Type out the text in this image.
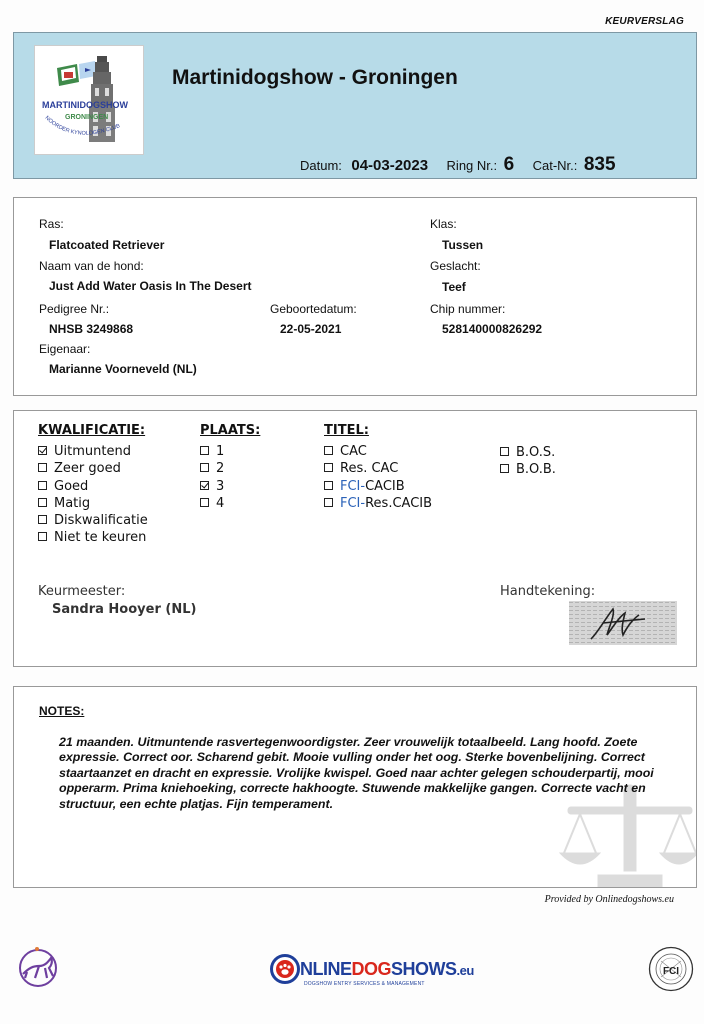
KEURVERSLAG
MARTINIDOGSHOW
GRONINGEN
NOORDER KYNOLOGEN CLUB
Martinidogshow - Groningen
Datum: 04-03-2023 Ring Nr.: 6 Cat-Nr.: 835
Ras:
Flatcoated Retriever
Naam van de hond:
Just Add Water Oasis In The Desert
Pedigree Nr.:
NHSB 3249868
Geboortedatum:
22-05-2021
Eigenaar:
Marianne Voorneveld (NL)
Klas:
Tussen
Geslacht:
Teef
Chip nummer:
528140000826292
KWALIFICATIE:
Uitmuntend
Zeer goed
Goed
Matig
Diskwalificatie
Niet te keuren
PLAATS:
1
2
3
4
TITEL:
CAC
Res. CAC
FCI-CACIB
FCI-Res.CACIB
B.O.S.
B.O.B.
Keurmeester:
Sandra Hooyer (NL)
Handtekening:
NOTES:
21 maanden. Uitmuntende rasvertegenwoordigster. Zeer vrouwelijk totaalbeeld. Lang hoofd. Zoete expressie. Correct oor. Scharend gebit. Mooie vulling onder het oog. Sterke bovenbelijning. Correct staartaanzet en dracht en expressie. Vrolijke kwispel. Goed naar achter gelegen schouderpartij, mooi opperarm. Prima kniehoeking, correcte hakhoogte. Stuwende makkelijke gangen. Correcte vacht en structuur, een echte platjas. Fijn temperament.
Provided by Onlinedogshows.eu
NLINEDOGSHOWS.eu
DOGSHOW ENTRY SERVICES & MANAGEMENT
FCI
